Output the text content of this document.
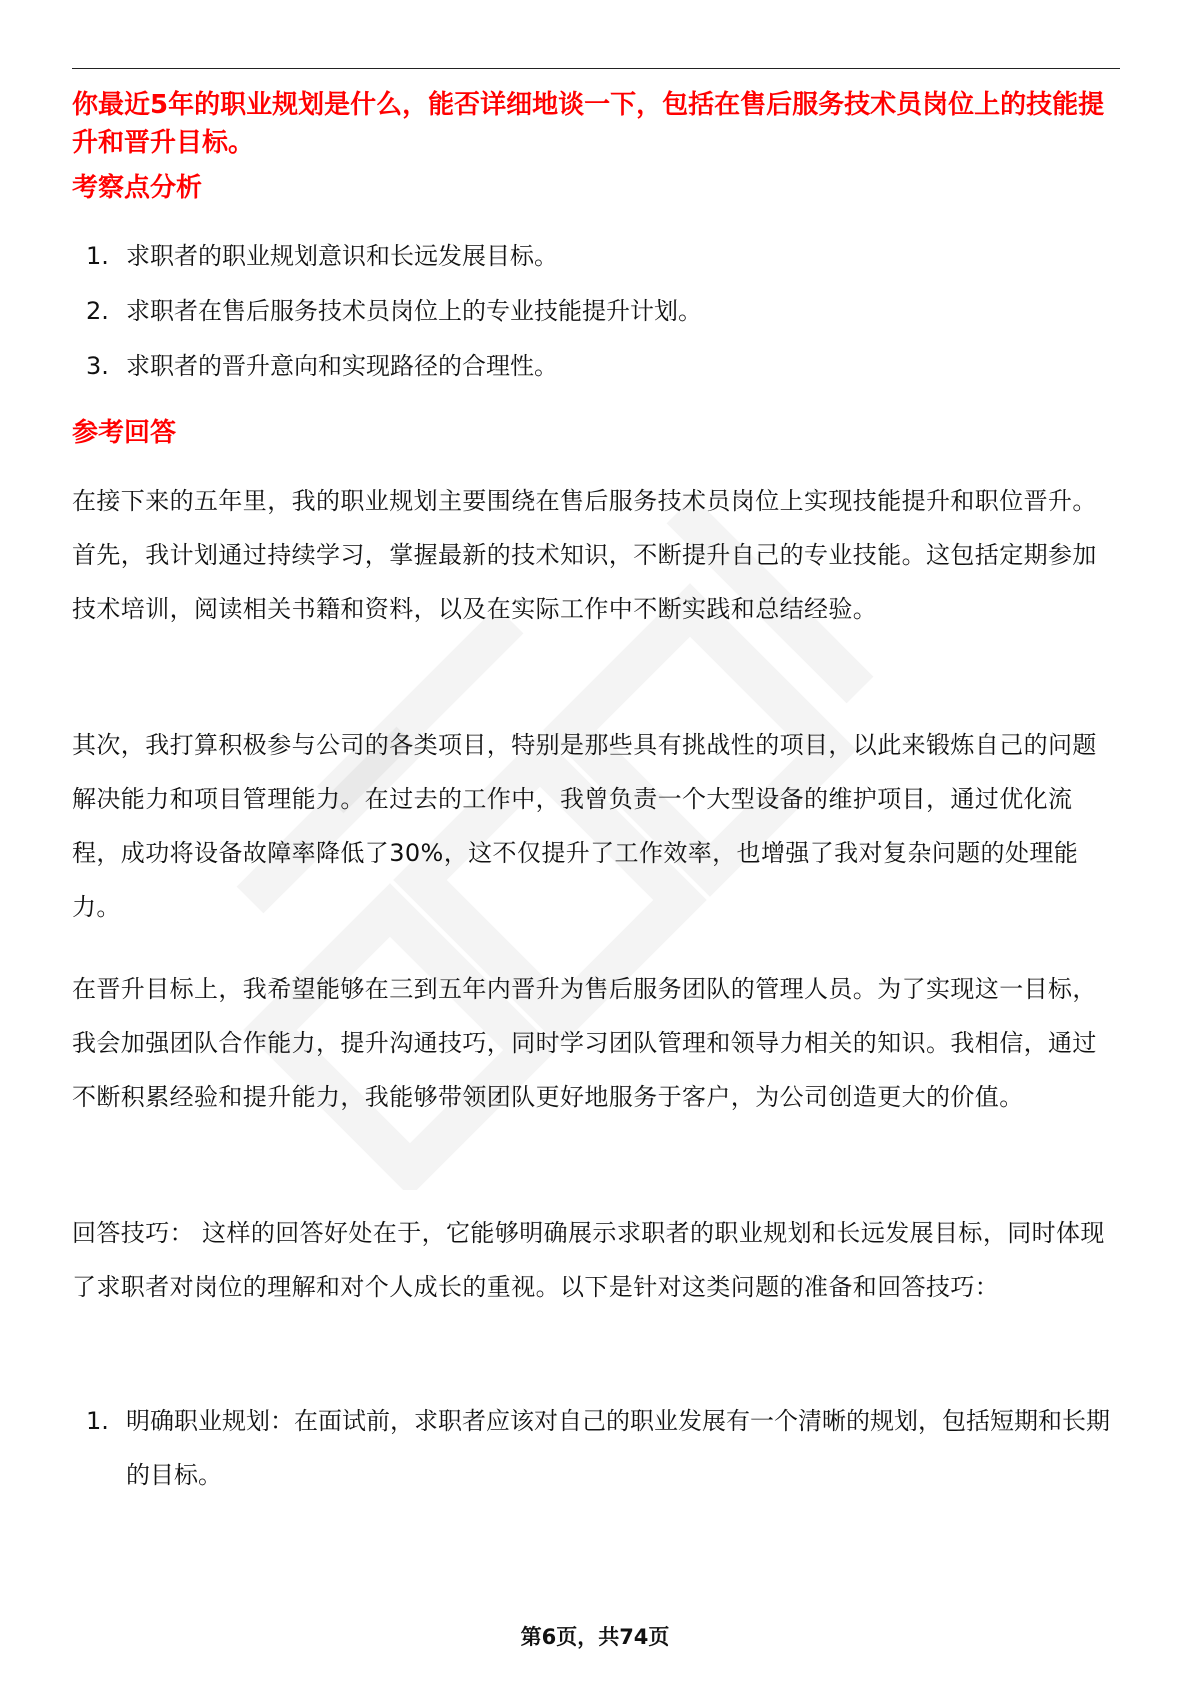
你最近5年的职业规划是什么，能否详细地谈一下，包括在售后服务技术员岗位上的技能提升和晋升目标。

考察点分析
1. 求职者的职业规划意识和长远发展目标。
2. 求职者在售后服务技术员岗位上的专业技能提升计划。
3. 求职者的晋升意向和实现路径的合理性。
参考回答

在接下来的五年里，我的职业规划主要围绕在售后服务技术员岗位上实现技能提升和职位晋升。首先，我计划通过持续学习，掌握最新的技术知识，不断提升自己的专业技能。这包括定期参加技术培训，阅读相关书籍和资料，以及在实际工作中不断实践和总结经验。

其次，我打算积极参与公司的各类项目，特别是那些具有挑战性的项目，以此来锻炼自己的问题解决能力和项目管理能力。在过去的工作中，我曾负责一个大型设备的维护项目，通过优化流程，成功将设备故障率降低了30%，这不仅提升了工作效率，也增强了我对复杂问题的处理能力。

在晋升目标上，我希望能够在三到五年内晋升为售后服务团队的管理人员。为了实现这一目标，我会加强团队合作能力，提升沟通技巧，同时学习团队管理和领导力相关的知识。我相信，通过不断积累经验和提升能力，我能够带领团队更好地服务于客户，为公司创造更大的价值。

回答技巧： 这样的回答好处在于，它能够明确展示求职者的职业规划和长远发展目标，同时体现了求职者对岗位的理解和对个人成长的重视。以下是针对这类问题的准备和回答技巧：

1. 明确职业规划：在面试前，求职者应该对自己的职业发展有一个清晰的规划，包括短期和长期的目标。
第6页，共74页
